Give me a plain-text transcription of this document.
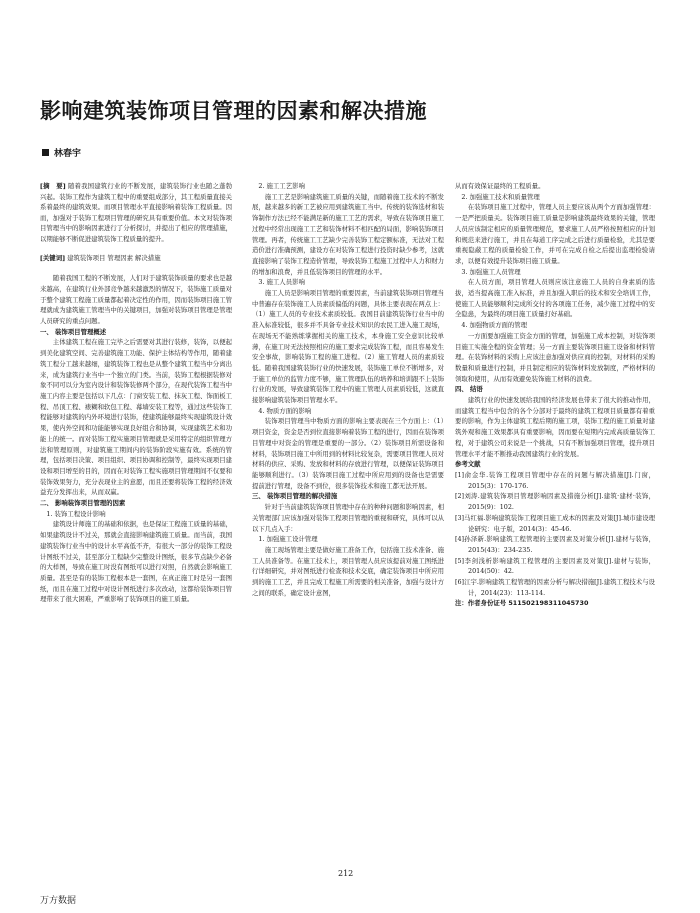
影响建筑装饰项目管理的因素和解决措施
林春宇

[摘　要] 随着我国建筑行业的不断发展，建筑装饰行业也随之蓬勃兴起。装饰工程作为建筑工程中的重要组成部分，其工程质量直接关系着最终的建筑效果。而项目管理水平直接影响着装饰工程质量。因而，加强对于装饰工程项目管理的研究具有重要价值。本文对装饰项目管理当中的影响因素进行了分析探讨，并提出了相应的管理措施，以期能够不断促进建筑装饰工程质量的提升。

[关键词] 建筑装饰项目 管理因素 解决措施

随着我国工程的不断发展，人们对于建筑装饰质量的要求也是越来越高，在建筑行业外部竞争越来越激烈的情况下，装饰施工质量对于整个建筑工程施工质量都起着决定性的作用，因而装饰项目施工管理就成为建筑施工管理当中的关键项目，加强对装饰项目管理是管理人员研究的重点问题。

一、 装饰项目管理概述

主体建筑工程在施工完毕之后需要对其进行装修，装饰，以便起到美化建筑空间、完善建筑施工功能、保护主体结构等作用，随着建筑工程分工越来越细，建筑装饰工程也是从整个建筑工程当中分离出来，成为建筑行业当中一个独立的门类。当前，装饰工程根据装修对象不同可以分为室内设计和装饰装修两个部分，在现代装饰工程当中施工内容主要是包括以下几点：门窗安装工程、抹灰工程、饰面板工程、吊顶工程、裱糊和软包工程、幕墙安装工程等，通过这些装饰工程能够对建筑的内外环境进行装饰，使建筑能够最终实现建筑设计效果，使内外空间和功能能够实现良好组合和协调，实现建筑艺术和功能上的统一。而对装饰工程实施项目管理就是采用特定的组织管理方法和管理原则，对建筑施工期间内的装饰阶段实施有效。系统的管理，包括项目决策、项目组织、项目协调和控制等，最终实现项目建设和项目增至的目的，因而在对装饰工程实施项目管理期间不仅要和装饰效果努力，充分表现业主的意愿，而且还要将装饰工程的经济效益充分发挥出来，从而双赢。

二、 影响装饰项目管理的因素

1. 装饰工程设计影响

建筑设计师施工的基础和依据，也是保证工程施工质量的基础，如果建筑设计不过关，那就会直接影响建筑施工质量。而当前，我国建筑装饰行业当中的设计水平高低不齐，有很大一部分的装饰工程设计图纸不过关，甚至部分工程缺少完整设计图纸，很多节点缺少必备的大样图，导致在施工时没有图纸可以进行对照，自然就会影响施工质量。甚至是有的装饰工程根本是一套图，在真正施工时是另一套图纸，而且在施工过程中对设计图纸进行多次改动，这都给装饰项目管理带来了很大困难，严重影响了装饰项目的施工质量。

2. 施工工艺影响

施工工艺是影响建筑施工质量的关键，而随着施工技术的不断发展，越来越多的新工艺被应用到建筑施工当中。传统的装饰选材和装饰制作方法已经不能满足新的施工工艺的需求，导致在装饰项目施工过程中经常出现施工工艺和装饰材料不相匹配的局面，影响装饰项目管理。再者，传统施工工艺缺少完善装饰工程定额标准，无法对工程造价进行准确预测，建设方在对装饰工程进行投资时缺少参考，这就直接影响了装饰工程造价管理，导致装饰工程施工过程中人力和财力的增加和浪费，并且低装饰项目的管理的水平。

3. 施工人员影响

施工人员是影响项目管理的重要因素，当前建筑装饰项目管理当中普遍存在装饰施工人员素质偏低的问题，具体主要表现在两点上：（1）施工人员的专业技术素质较低。我国目前建筑装饰行业当中的准入标准较低，很多并不具备专业技术知识的农民工进入施工现场，在现场无不能熟练掌握相关的施工技术，本身施工安全意识比较单薄，在施工时无法按照相应的施工要求完成装饰工程，而且容易发生安全事故，影响装饰工程的施工进程。（2）施工管理人员的素质较低。随着我国建筑装饰行业的快速发展，装饰施工单位不断增多，对于施工单位的监管力度不够，施工管理队伍的培养和培训跟不上装饰行业的发展，导致建筑装饰工程中的施工管理人员素质较低，这就直接影响建筑装饰项目管理水平。

4. 物质方面的影响

装饰项目管理当中物质方面的影响主要表现在三个方面上：（1）项目资金，资金是否到位直接影响着装饰工程的进行，因而在装饰项目管理中对资金的管理是重要的一部分。（2）装饰项目所需设备和材料，装饰项目施工中所用到的材料比较复杂，需要项目管理人员对材料的供应、采购、发放和材料的存放进行管理，以便保证装饰项目能够顺利进行。（3）装饰项目施工过程中所应用到的设备也是需要提前进行管理，设备不到位，很多装饰技术和施工都无法开展。

三、 装饰项目管理的解决措施

针对于当前建筑装饰项目管理中存在的种种问题和影响因素，相关管理部门应该加强对装饰工程项目管理的重视和研究，具体可以从以下几点入手：

1. 加强施工设计管理

施工现场管理主要是做好施工准备工作，包括施工技术准备、施工人员准备等。在施工技术上，项目管理人员应该提前对施工图纸进行详细研究，并对图纸进行检查和技术交底，确定装饰项目中所应用到的施工工艺，并且完成工程施工所需要的相关准备，加强与设计方之间的联系，确定设计意图，

从而有效保证最终的工程质量。

2. 加强施工技术和质量管理

在装饰项目施工过程中，管理人员主要应该从两个方面加强管理：一是严把质量关。装饰项目施工质量是影响建筑最终效果的关键，管理人员应该制定相应的质量管理规范，要求施工人员严格按照相应的计划和规范来进行施工，并且在每道工序完成之后进行质量检验，尤其是要重视隐蔽工程的质量检验工作，并可在完成自检之后提出监理检验请求，以便有效提升装饰项目施工质量。

3. 加强施工人员管理

在人员方面，项目管理人员则应该注意施工人员的自身素质的选拔，适当提高施工准入标准，并且加强入职后的技术和安全培训工作，使施工人员能够顺利完成所交付的各项施工任务，减少施工过程中的安全隐患，为最终的项目施工质量打好基础。

4. 加强物质方面的管理

一方面要加强施工资金方面的管理，加强施工成本控制，对装饰项目施工实施全程的资金管理；另一方面主要装饰项目施工设备和材料管理。在装饰材料的采购上应该注意加强对供应商的控制，对材料的采购数量和质量进行控制，并且制定相应的装饰材料发放制度，严格材料的领取和使用，从而有效避免装饰施工材料的浪费。

四、 结语

建筑行业的快速发展给我国的经济发展也带来了很大的推动作用，而建筑工程当中包含的各个分部对于最终的建筑工程项目质量都有着重要的影响，作为主体建筑工程后期的施工项，装饰工程的施工质量对建筑外观和施工效果都具有重要影响，因而要在短期内完成高质量装饰工程，对于建筑公司来说是一个挑战，只有不断加强项目管理，提升项目管理水平才能不断推动我国建筑行业的发展。

参考文献

[1]俞金华.装饰工程项目管理中存在的问题与解决措施[J].门窗，2015(3)：170-176.

[2]刘涛.建筑装饰项目管理影响因素及措施分析[J].建筑·建材·装饰，2015(9)：102.

[3]马红福.影响建筑装饰工程项目施工成本的因素及对策[J].城市建设理论研究：电子版，2014(3)：45-46.

[4]孙泽新.影响建筑工程管理的主要因素及对策分析[J].建材与装饰，2015(43)：234-235.

[5]李剑浅析影响建筑工程管理的主要因素及对策[J].建材与装饰，2014(50)：42.

[6]江宇.影响建筑工程管理的因素分析与解决措施[J].建筑工程技术与设计，2014(23)：113-114.

注：作者身份证号 511502198311045730

212
万方数据
